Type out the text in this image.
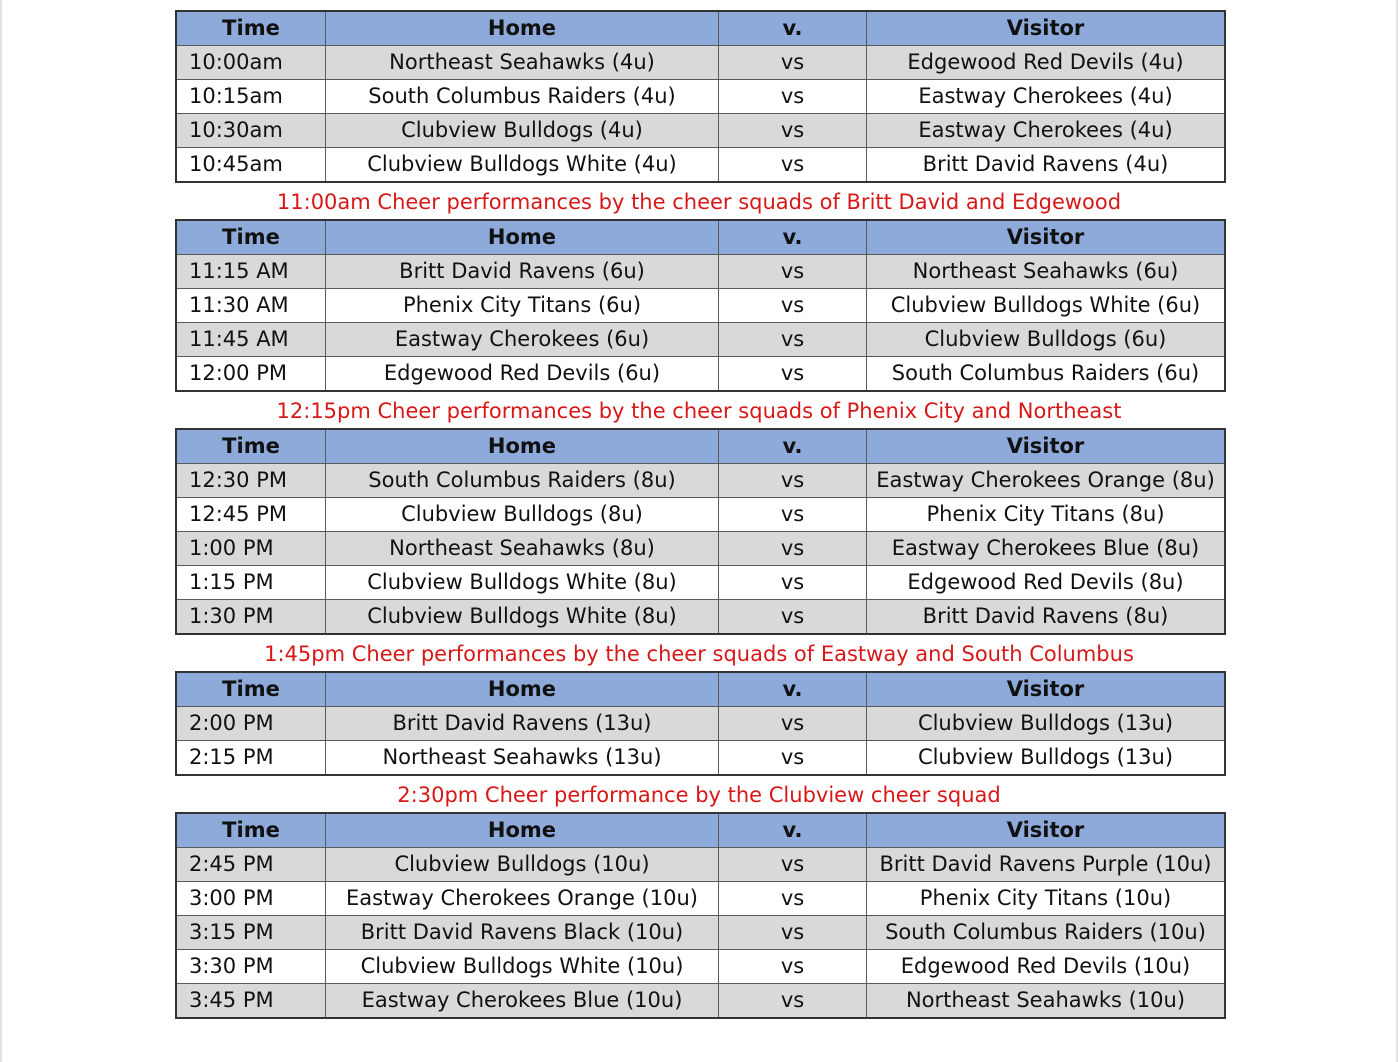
Time	Home	v.	Visitor
10:00am	Northeast Seahawks (4u)	vs	Edgewood Red Devils (4u)
10:15am	South Columbus Raiders (4u)	vs	Eastway Cherokees (4u)
10:30am	Clubview Bulldogs (4u)	vs	Eastway Cherokees (4u)
10:45am	Clubview Bulldogs White (4u)	vs	Britt David Ravens (4u)
11:00am Cheer performances by the cheer squads of Britt David and Edgewood
Time	Home	v.	Visitor
11:15 AM	Britt David Ravens (6u)	vs	Northeast Seahawks (6u)
11:30 AM	Phenix City Titans (6u)	vs	Clubview Bulldogs White (6u)
11:45 AM	Eastway Cherokees (6u)	vs	Clubview Bulldogs (6u)
12:00 PM	Edgewood Red Devils (6u)	vs	South Columbus Raiders (6u)
12:15pm Cheer performances by the cheer squads of Phenix City and Northeast
Time	Home	v.	Visitor
12:30 PM	South Columbus Raiders (8u)	vs	Eastway Cherokees Orange (8u)
12:45 PM	Clubview Bulldogs (8u)	vs	Phenix City Titans (8u)
1:00 PM	Northeast Seahawks (8u)	vs	Eastway Cherokees Blue (8u)
1:15 PM	Clubview Bulldogs White (8u)	vs	Edgewood Red Devils (8u)
1:30 PM	Clubview Bulldogs White (8u)	vs	Britt David Ravens (8u)
1:45pm Cheer performances by the cheer squads of Eastway and South Columbus
Time	Home	v.	Visitor
2:00 PM	Britt David Ravens (13u)	vs	Clubview Bulldogs (13u)
2:15 PM	Northeast Seahawks (13u)	vs	Clubview Bulldogs (13u)
2:30pm Cheer performance by the Clubview cheer squad
Time	Home	v.	Visitor
2:45 PM	Clubview Bulldogs (10u)	vs	Britt David Ravens Purple (10u)
3:00 PM	Eastway Cherokees Orange (10u)	vs	Phenix City Titans (10u)
3:15 PM	Britt David Ravens Black (10u)	vs	South Columbus Raiders (10u)
3:30 PM	Clubview Bulldogs White (10u)	vs	Edgewood Red Devils (10u)
3:45 PM	Eastway Cherokees Blue (10u)	vs	Northeast Seahawks (10u)
